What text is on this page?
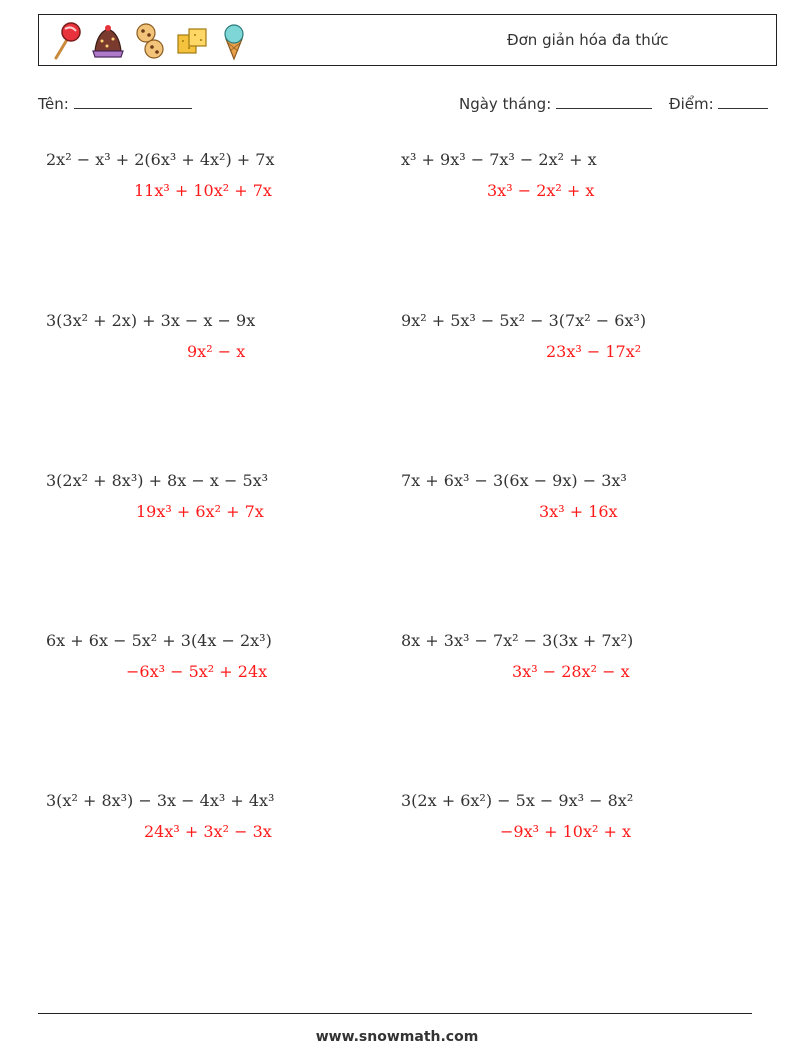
Đơn giản hóa đa thức
Tên:	Ngày tháng:	Điểm:
2x² − x³ + 2(6x³ + 4x²) + 7x
11x³ + 10x² + 7x
x³ + 9x³ − 7x³ − 2x² + x
3x³ − 2x² + x
3(3x² + 2x) + 3x − x − 9x
9x² − x
9x² + 5x³ − 5x² − 3(7x² − 6x³)
23x³ − 17x²
3(2x² + 8x³) + 8x − x − 5x³
19x³ + 6x² + 7x
7x + 6x³ − 3(6x − 9x) − 3x³
3x³ + 16x
6x + 6x − 5x² + 3(4x − 2x³)
−6x³ − 5x² + 24x
8x + 3x³ − 7x² − 3(3x + 7x²)
3x³ − 28x² − x
3(x² + 8x³) − 3x − 4x³ + 4x³
24x³ + 3x² − 3x
3(2x + 6x²) − 5x − 9x³ − 8x²
−9x³ + 10x² + x
www.snowmath.com
